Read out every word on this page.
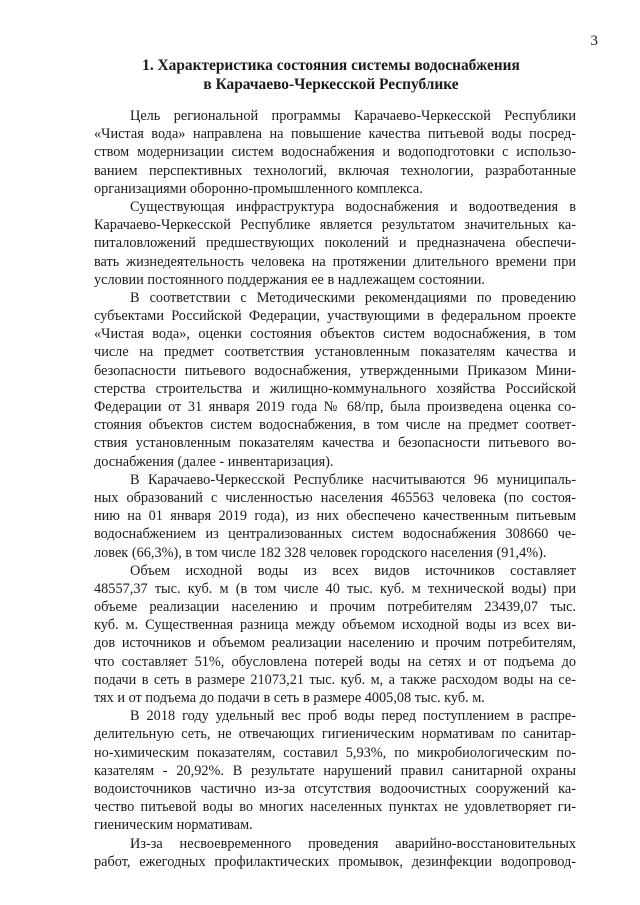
3
1. Характеристика состояния системы водоснабжения
в Карачаево-Черкесской Республике
Цель региональной программы Карачаево-Черкесской Республики
«Чистая вода» направлена на повышение качества питьевой воды посред-
ством модернизации систем водоснабжения и водоподготовки с использо-
ванием перспективных технологий, включая технологии, разработанные
организациями оборонно-промышленного комплекса.
Существующая инфраструктура водоснабжения и водоотведения в
Карачаево-Черкесской Республике является результатом значительных ка-
питаловложений предшествующих поколений и предназначена обеспечи-
вать жизнедеятельность человека на протяжении длительного времени при
условии постоянного поддержания ее в надлежащем состоянии.
В соответствии с Методическими рекомендациями по проведению
субъектами Российской Федерации, участвующими в федеральном проекте
«Чистая вода», оценки состояния объектов систем водоснабжения, в том
числе на предмет соответствия установленным показателям качества и
безопасности питьевого водоснабжения, утвержденными Приказом Мини-
стерства строительства и жилищно-коммунального хозяйства Российской
Федерации от 31 января 2019 года № 68/пр, была произведена оценка со-
стояния объектов систем водоснабжения, в том числе на предмет соответ-
ствия установленным показателям качества и безопасности питьевого во-
доснабжения (далее - инвентаризация).
В Карачаево-Черкесской Республике насчитываются 96 муниципаль-
ных образований с численностью населения 465563 человека (по состоя-
нию на 01 января 2019 года), из них обеспечено качественным питьевым
водоснабжением из централизованных систем водоснабжения 308660 че-
ловек (66,3%), в том числе 182 328 человек городского населения (91,4%).
Объем исходной воды из всех видов источников составляет
48557,37 тыс. куб. м (в том числе 40 тыс. куб. м технической воды) при
объеме реализации населению и прочим потребителям 23439,07 тыс.
куб. м. Существенная разница между объемом исходной воды из всех ви-
дов источников и объемом реализации населению и прочим потребителям,
что составляет 51%, обусловлена потерей воды на сетях и от подъема до
подачи в сеть в размере 21073,21 тыс. куб. м, а также расходом воды на се-
тях и от подъема до подачи в сеть в размере 4005,08 тыс. куб. м.
В 2018 году удельный вес проб воды перед поступлением в распре-
делительную сеть, не отвечающих гигиеническим нормативам по санитар-
но-химическим показателям, составил 5,93%, по микробиологическим по-
казателям - 20,92%. В результате нарушений правил санитарной охраны
водоисточников частично из-за отсутствия водоочистных сооружений ка-
чество питьевой воды во многих населенных пунктах не удовлетворяет ги-
гиеническим нормативам.
Из-за несвоевременного проведения аварийно-восстановительных
работ, ежегодных профилактических промывок, дезинфекции водопровод-
